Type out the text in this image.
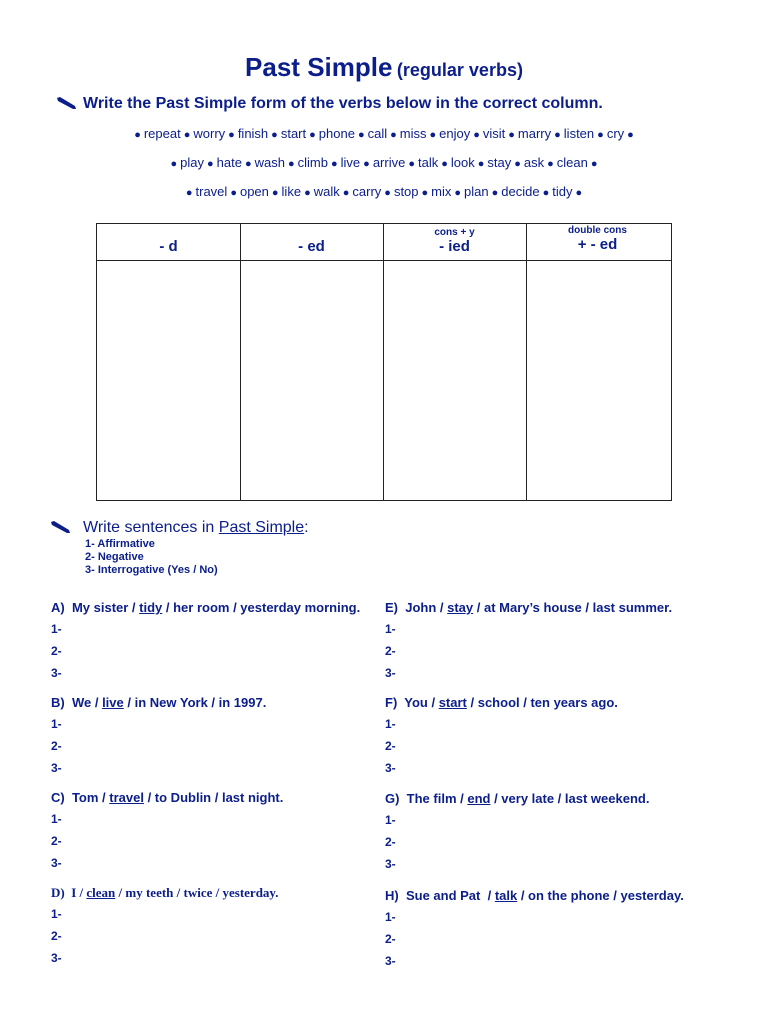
Past Simple (regular verbs)
Write the Past Simple form of the verbs below in the correct column.
● repeat ● worry ● finish ● start ● phone ● call ● miss ● enjoy ● visit ● marry ● listen ● cry ●
● play ● hate ● wash ● climb ● live ● arrive ● talk ● look ● stay ● ask ● clean ●
● travel ● open ● like ● walk ● carry ● stop ● mix ● plan ● decide ● tidy ●
- d	- ed
cons + y
- ied
double cons
+ - ed
Write sentences in Past Simple:
1- Affirmative
2- Negative
3- Interrogative (Yes / No)
A)  My sister / tidy / her room / yesterday morning.
1-
2-
3-
B)  We / live / in New York / in 1997.
1-
2-
3-
C)  Tom / travel / to Dublin / last night.
1-
2-
3-
D)  I / clean / my teeth / twice / yesterday.
1-
2-
3-
E)  John / stay / at Mary’s house / last summer.
1-
2-
3-
F)  You / start / school / ten years ago.
1-
2-
3-
G)  The film / end / very late / last weekend.
1-
2-
3-
H)  Sue and Pat  / talk / on the phone / yesterday.
1-
2-
3-
